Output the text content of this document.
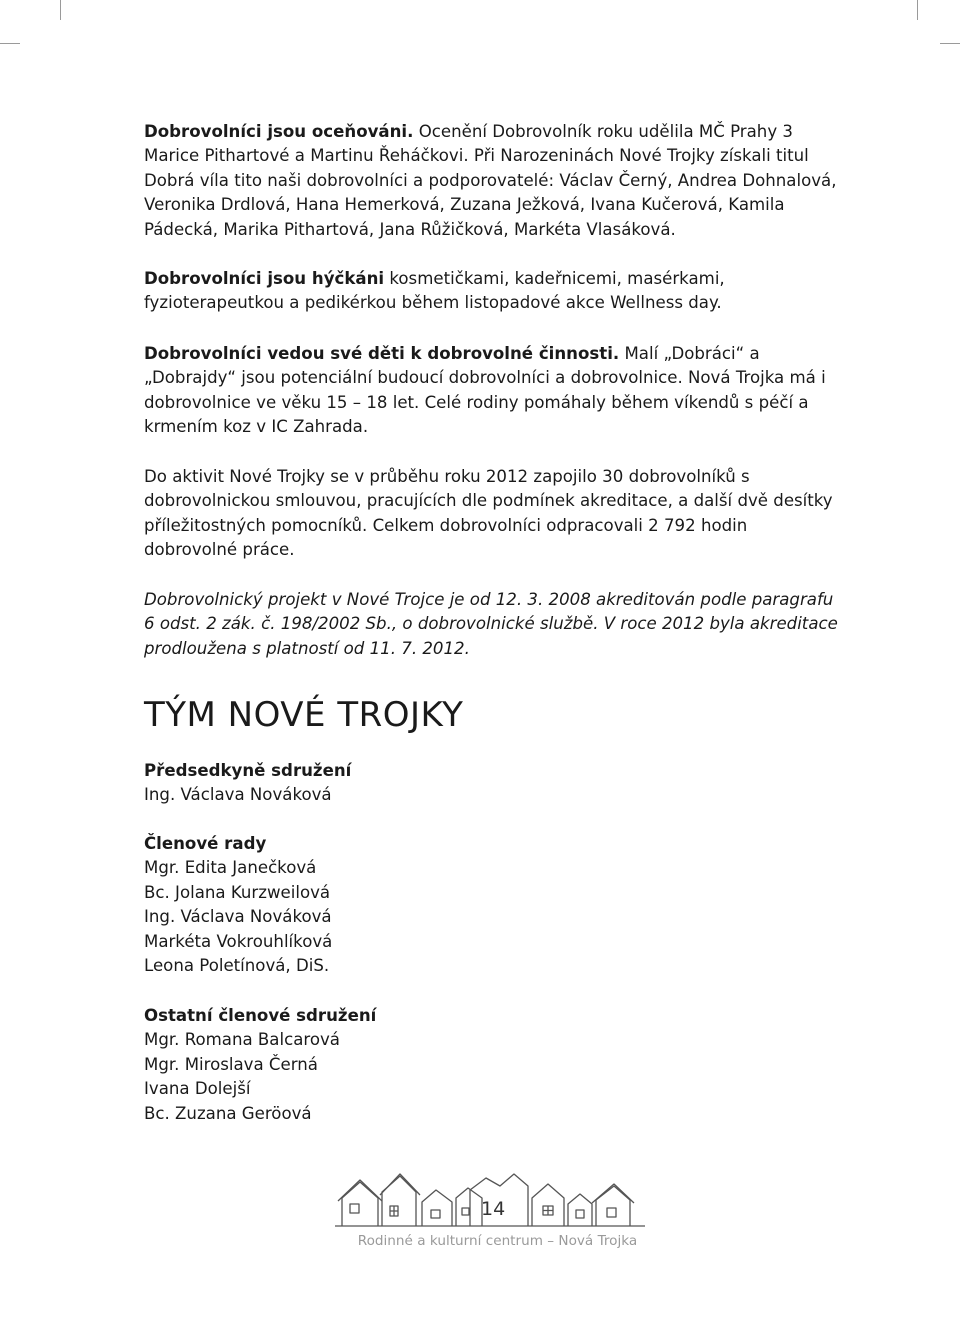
Dobrovolníci jsou oceňováni. Ocenění Dobrovolník roku udělila MČ Prahy 3 Marice Pithartové a Martinu Řeháčkovi. Při Narozeninách Nové Trojky získali titul Dobrá víla tito naši dobrovolníci a podporovatelé: Václav Černý, Andrea Dohnalová, Veronika Drdlová, Hana Hemerková, Zuzana Ježková, Ivana Kučerová, Kamila Pádecká, Marika Pithartová, Jana Růžičková, Markéta Vlasáková.

Dobrovolníci jsou hýčkáni kosmetičkami, kadeřnicemi, masérkami, fyzioterapeutkou a pedikérkou během listopadové akce Wellness day.

Dobrovolníci vedou své děti k dobrovolné činnosti. Malí „Dobráci“ a „Dobrajdy“ jsou potenciální budoucí dobrovolníci a dobrovolnice. Nová Trojka má i dobrovolnice ve věku 15 – 18 let. Celé rodiny pomáhaly během víkendů s péčí a krmením koz v IC Zahrada.

Do aktivit Nové Trojky se v průběhu roku 2012 zapojilo 30 dobrovolníků s dobrovolnickou smlouvou, pracujících dle podmínek akreditace, a další dvě desítky příležitostných pomocníků. Celkem dobrovolníci odpracovali 2 792 hodin dobrovolné práce.

Dobrovolnický projekt v Nové Trojce je od 12. 3. 2008 akreditován podle paragrafu 6 odst. 2 zák. č. 198/2002 Sb., o dobrovolnické službě. V roce 2012 byla akreditace prodloužena s platností od 11. 7. 2012.

TÝM NOVÉ TROJKY
Předsedkyně sdružení
Ing. Václava Nováková
Členové rady
Mgr. Edita Janečková
Bc. Jolana Kurzweilová
Ing. Václava Nováková
Markéta Vokrouhlíková
Leona Poletínová, DiS.
Ostatní členové sdružení
Mgr. Romana Balcarová
Mgr. Miroslava Černá
Ivana Dolejší
Bc. Zuzana Geröová
14
Rodinné a kulturní centrum – Nová Trojka
